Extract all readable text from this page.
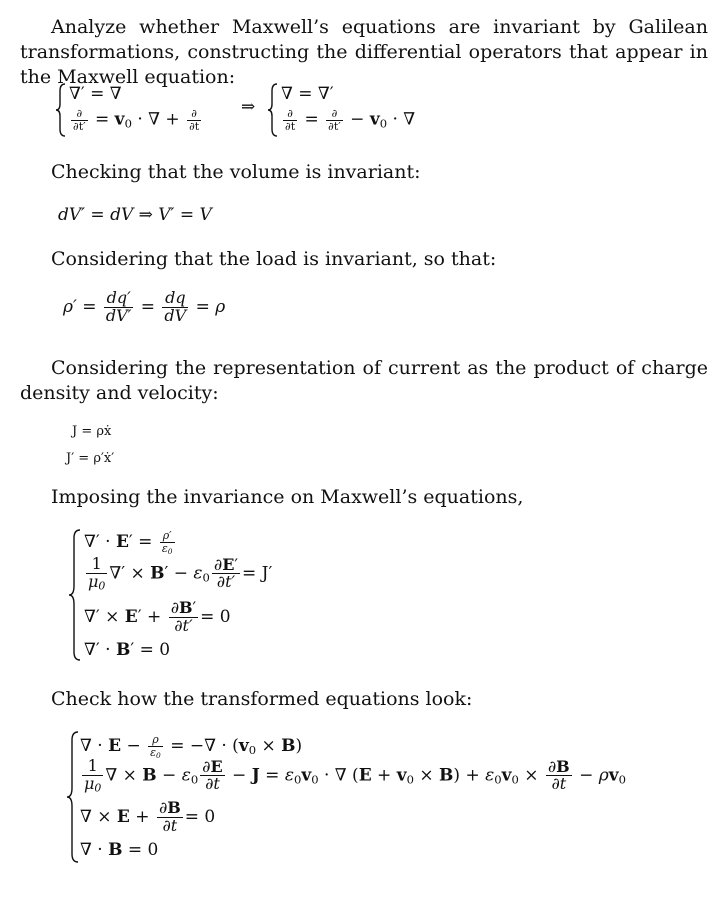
Analyze whether Maxwell’s equations are invariant by Galilean transformations, constructing the differential operators that appear in the Maxwell equation:
∇′ = ∇
$\frac{\partial}{\partial t'} = v_0$ · ∇ + $\frac{\partial}{\partial t}$
⇒
∇ = ∇′
$\frac{\partial}{\partial t} = \frac{\partial}{\partial t'} - v_0$ · ∇
Checking that the volume is invariant:
dV′ = dV ⇒ V′ = V
Considering that the load is invariant, so that:
$\rho' = \frac{dq'}{dV'} = \frac{dq}{dV} = \rho$
Considering the representation of current as the product of charge density and velocity:
J = ρẋ
J′ = ρ′ẋ′
Imposing the invariance on Maxwell’s equations,
∇′ · $E' = \frac{\rho'}{\varepsilon_0}$
$\frac{1}{\mu_0}$ ∇′ × $B' - \varepsilon_0 \frac{\partial E'}{\partial t'} = J'$
∇′ × $E' + \frac{\partial B'}{\partial t'} = 0$
∇′ · B′ = 0
Check how the transformed equations look:
∇ · $E - \frac{\rho}{\varepsilon_0}$ = −∇ · $(v_0 \times B)$
$\frac{1}{\mu_0}$ ∇ × $B - \varepsilon_0 \frac{\partial E}{\partial t} - J = \varepsilon_0v_0$ · ∇ $(E + v_0 \times B) + \varepsilon_0v_0 \times \frac{\partial B}{\partial t} - \rho v_0$
∇ × $E + \frac{\partial B}{\partial t} = 0$
∇ · B = 0
